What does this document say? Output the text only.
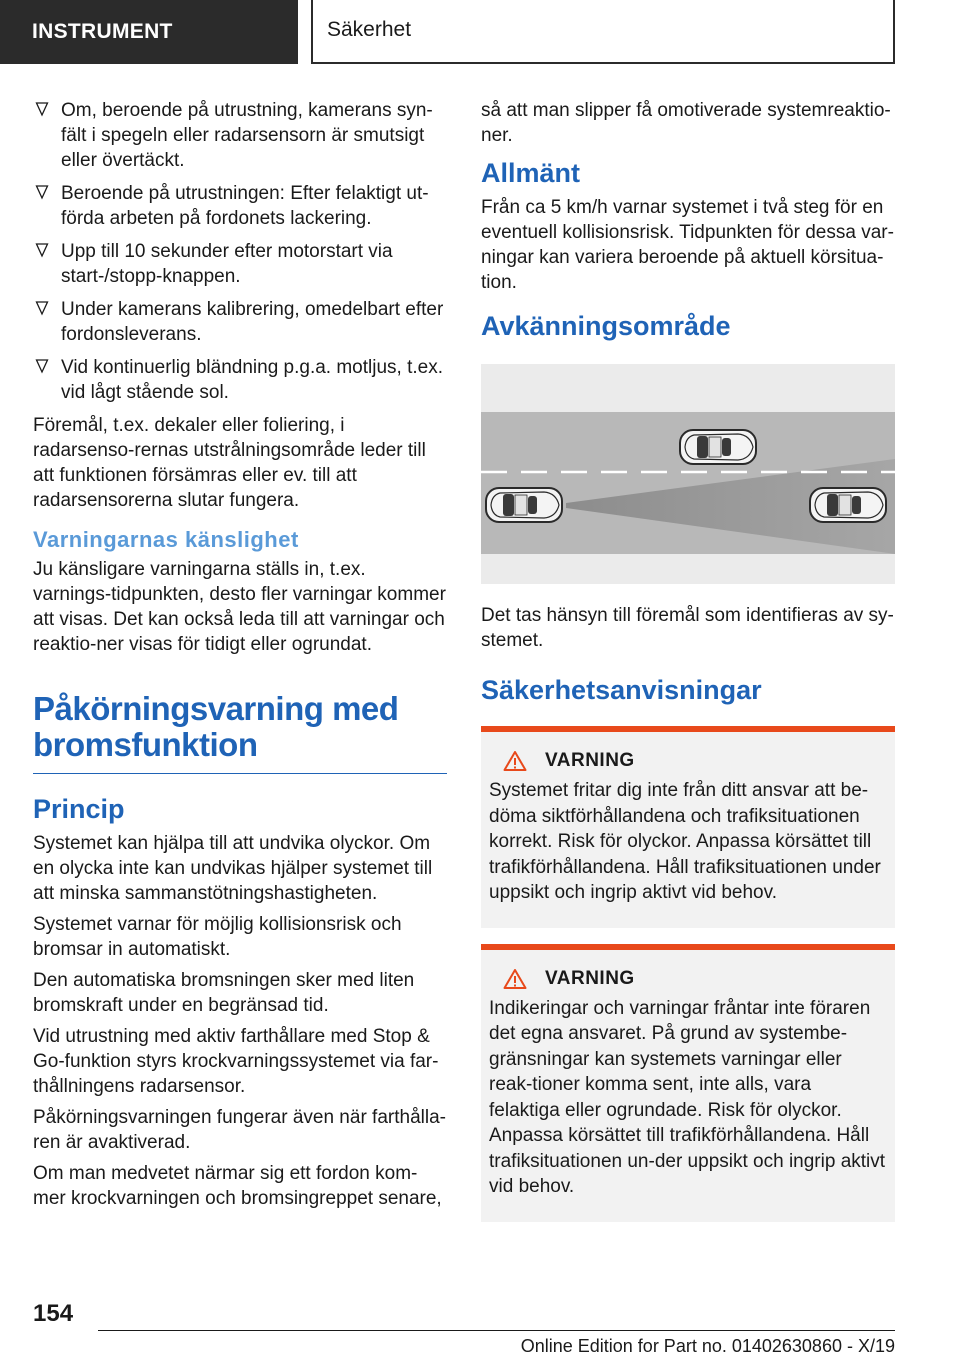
INSTRUMENT	Säkerhet
Om, beroende på utrustning, kamerans syn-fält i spegeln eller radarsensorn är smutsigt eller övertäckt.
Beroende på utrustningen: Efter felaktigt ut-förda arbeten på fordonets lackering.
Upp till 10 sekunder efter motorstart via start-/stopp-knappen.
Under kamerans kalibrering, omedelbart efter fordonsleverans.
Vid kontinuerlig bländning p.g.a. motljus, t.ex. vid lågt stående sol.

Föremål, t.ex. dekaler eller foliering, i radarsenso-rernas utstrålningsområde leder till att funktionen försämras eller ev. till att radarsensorerna slutar fungera.

Varningarnas känslighet

Ju känsligare varningarna ställs in, t.ex. varnings-tidpunkten, desto fler varningar kommer att visas. Det kan också leda till att varningar och reaktio-ner visas för tidigt eller ogrundat.

Påkörningsvarning med bromsfunktion
Princip

Systemet kan hjälpa till att undvika olyckor. Om en olycka inte kan undvikas hjälper systemet till att minska sammanstötningshastigheten.

Systemet varnar för möjlig kollisionsrisk och bromsar in automatiskt.

Den automatiska bromsningen sker med liten bromskraft under en begränsad tid.

Vid utrustning med aktiv farthållare med Stop & Go-funktion styrs krockvarningssystemet via far-thållningens radarsensor.

Påkörningsvarningen fungerar även när farthålla-ren är avaktiverad.

Om man medvetet närmar sig ett fordon kom-mer krockvarningen och bromsingreppet senare,

så att man slipper få omotiverade systemreaktio-ner.

Allmänt

Från ca 5 km/h varnar systemet i två steg för en eventuell kollisionsrisk. Tidpunkten för dessa var-ningar kan variera beroende på aktuell körsitua-tion.

Avkänningsområde

Det tas hänsyn till föremål som identifieras av sy-stemet.

Säkerhetsanvisningar
VARNING
Systemet fritar dig inte från ditt ansvar att be-döma siktförhållandena och trafiksituationen korrekt. Risk för olyckor. Anpassa körsättet till trafikförhållandena. Håll trafiksituationen under uppsikt och ingrip aktivt vid behov.
VARNING
Indikeringar och varningar fråntar inte föraren det egna ansvaret. På grund av systembe-gränsningar kan systemets varningar eller reak-tioner komma sent, inte alls, vara felaktiga eller ogrundade. Risk för olyckor. Anpassa körsättet till trafikförhållandena. Håll trafiksituationen un-der uppsikt och ingrip aktivt vid behov.
154
Online Edition for Part no. 01402630860 - X/19
